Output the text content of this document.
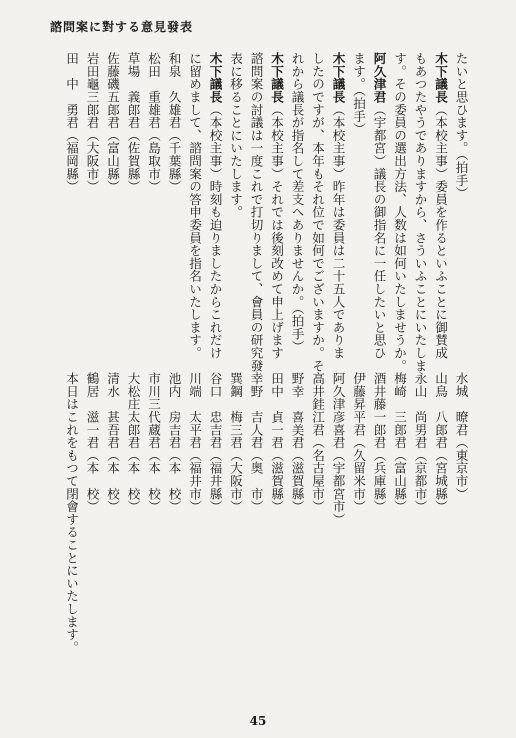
諮問案に對する意見發表
たいと思ひます。（拍手）
木下議長（本校主事）委員を作るといふことに御賛成
もあつたやうでありますから、さういふことにいたしま
す。その委員の選出方法、人数は如何いたしませうか。
阿久津君（宇都宮）議長の御指名に一任したいと思ひ
ます。（拍手）
木下議長（本校主事）昨年は委員は二十五人でありま
したのですが、本年もそれ位で如何でございますか。そ
れから議長が指名して差支へありませんか。（拍手）
木下議長（本校主事）それでは後刻改めて申上げます
諮問案の討議は一度これで打切りまして、會員の研究發
表に移ることにいたします。
木下議長（本校主事）時刻も迫りましたからこれだけ
に留めまして、諮問案の答申委員を指名いたします。
和泉　久雄君（千葉縣）
松田　重雄君（島取市）
草場　義郎君（佐賀縣）
佐藤磯五郎君（富山縣）
岩田龜三郎君（大阪市）
田　中　勇君（福岡縣）
水城　暸君（東京市）
山鳥　八郎君（宮城縣）
永山　尚男君（京都市）
梅崎　三郎君（富山縣）
酒井藤一郎君（兵庫縣）
伊藤昇平君（久留米市）
阿久津彦喜君（宇都宮市）
高井銈江君（名古屋市）
野幸　喜美君（滋賀縣）
田中　貞一君（滋賀縣）
幸野　吉人君（奥　市）
巽鋼　梅三君（大阪市）
谷口　忠吉君（福井縣）
川端　太平君（福井市）
池内　房吉君（本　校）
市川三代蔵君（本　校）
大松庄太郎君（本　校）
清水　甚吾君（本　校）
鶴居　滋一君（本　校）
本日はこれをもつて閉會することにいたします。
45
